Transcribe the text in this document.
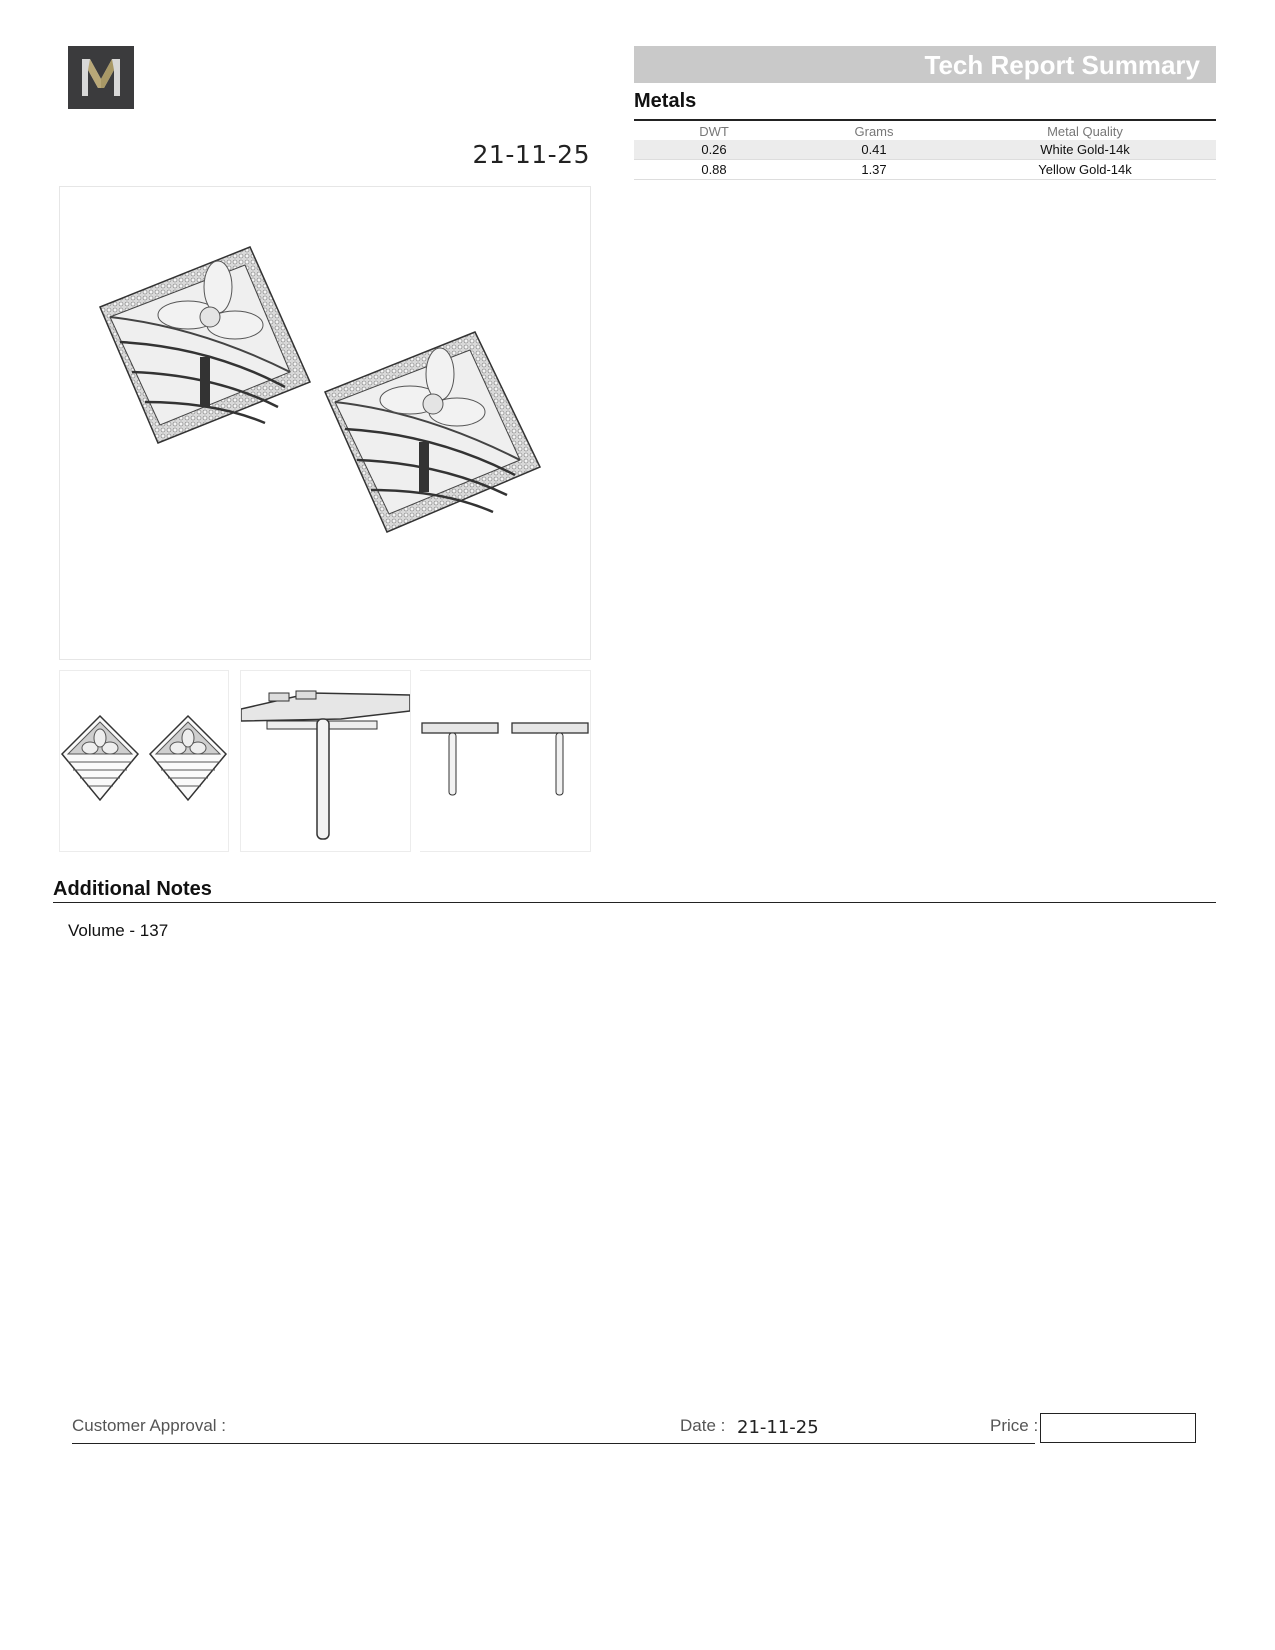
21-11-25
Tech Report Summary
Metals
DWT	Grams	Metal Quality
0.26	0.41	White Gold-14k
0.88	1.37	Yellow Gold-14k
Additional Notes
Volume - 137
Customer Approval :	Date : 21-11-25	Price :
